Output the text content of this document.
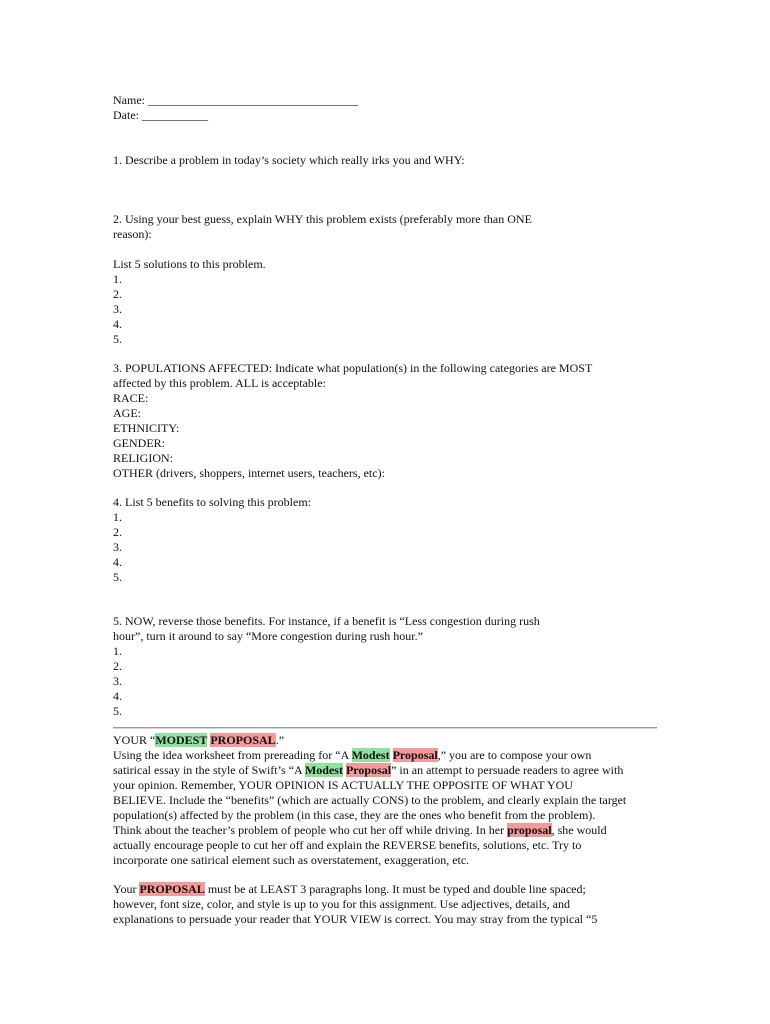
Name: ___________________________________
Date: ___________
1. Describe a problem in today’s society which really irks you and WHY:
2. Using your best guess, explain WHY this problem exists (preferably more than ONE
reason):
List 5 solutions to this problem.
1.
2.
3.
4.
5.
3. POPULATIONS AFFECTED: Indicate what population(s) in the following categories are MOST
affected by this problem. ALL is acceptable:
RACE:
AGE:
ETHNICITY:
GENDER:
RELIGION:
OTHER (drivers, shoppers, internet users, teachers, etc):
4. List 5 benefits to solving this problem:
1.
2.
3.
4.
5.
5. NOW, reverse those benefits. For instance, if a benefit is “Less congestion during rush
hour”, turn it around to say “More congestion during rush hour.”
1.
2.
3.
4.
5.
YOUR “MODEST PROPOSAL.”
Using the idea worksheet from prereading for “A Modest Proposal,” you are to compose your own
satirical essay in the style of Swift’s “A Modest Proposal” in an attempt to persuade readers to agree with
your opinion. Remember, YOUR OPINION IS ACTUALLY THE OPPOSITE OF WHAT YOU
BELIEVE. Include the “benefits” (which are actually CONS) to the problem, and clearly explain the target
population(s) affected by the problem (in this case, they are the ones who benefit from the problem).
Think about the teacher’s problem of people who cut her off while driving. In her proposal, she would
actually encourage people to cut her off and explain the REVERSE benefits, solutions, etc. Try to
incorporate one satirical element such as overstatement, exaggeration, etc.
Your PROPOSAL must be at LEAST 3 paragraphs long. It must be typed and double line spaced;
however, font size, color, and style is up to you for this assignment. Use adjectives, details, and
explanations to persuade your reader that YOUR VIEW is correct. You may stray from the typical “5
